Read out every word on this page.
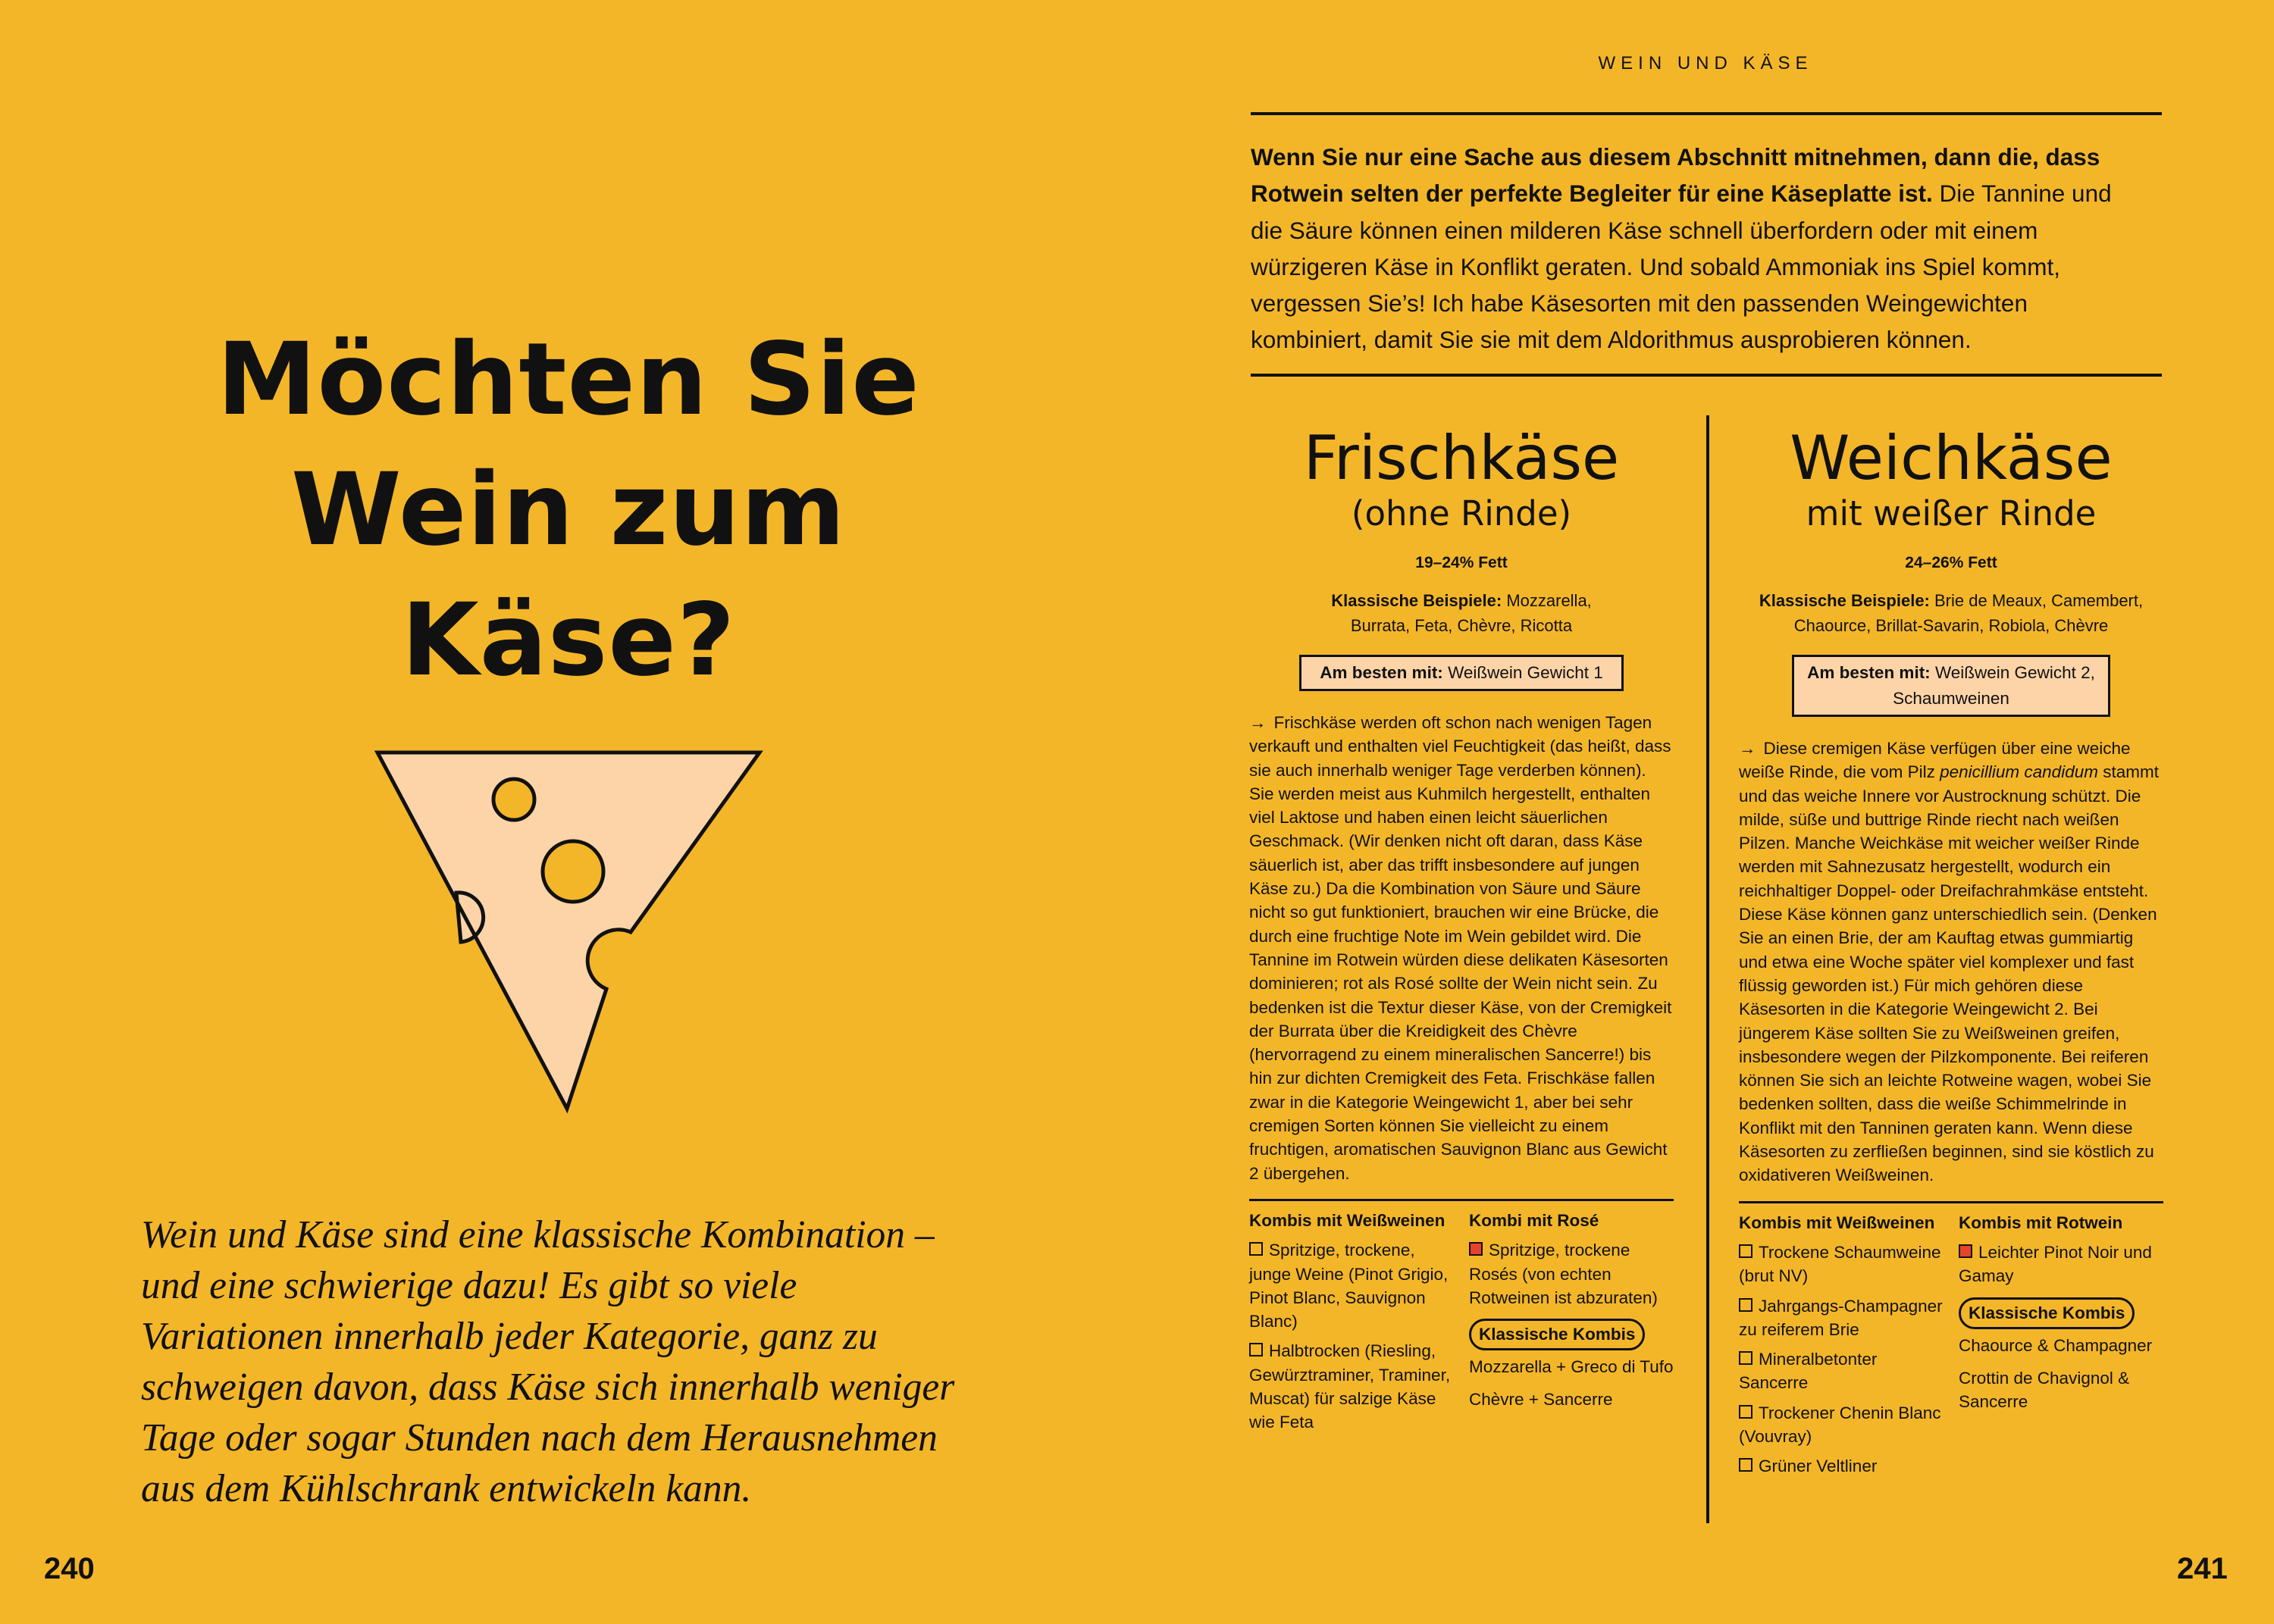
Möchten Sie
Wein zum
Käse?
Wein und Käse sind eine klassische Kombination –
und eine schwierige dazu! Es gibt so viele
Variationen innerhalb jeder Kategorie, ganz zu
schweigen davon, dass Käse sich innerhalb weniger
Tage oder sogar Stunden nach dem Herausnehmen
aus dem Kühlschrank entwickeln kann.
240
WEIN UND KÄSE
Wenn Sie nur eine Sache aus diesem Abschnitt mitnehmen, dann die, dass Rotwein selten der perfekte Begleiter für eine Käseplatte ist. Die Tannine und die Säure können einen milderen Käse schnell überfordern oder mit einem würzigeren Käse in Konflikt geraten. Und sobald Ammoniak ins Spiel kommt, vergessen Sie’s! Ich habe Käsesorten mit den passenden Weingewichten kombiniert, damit Sie sie mit dem Aldorithmus ausprobieren können.
Frischkäse
(ohne Rinde)
19–24% Fett
Klassische Beispiele: Mozzarella, Burrata, Feta, Chèvre, Ricotta
Am besten mit: Weißwein Gewicht 1
→ Frischkäse werden oft schon nach wenigen Tagen verkauft und enthalten viel Feuchtigkeit (das heißt, dass sie auch innerhalb weniger Tage verderben können). Sie werden meist aus Kuhmilch hergestellt, enthalten viel Laktose und haben einen leicht säuerlichen Geschmack. (Wir denken nicht oft daran, dass Käse säuerlich ist, aber das trifft insbesondere auf jungen Käse zu.) Da die Kombination von Säure und Säure nicht so gut funktioniert, brauchen wir eine Brücke, die durch eine fruchtige Note im Wein gebildet wird. Die Tannine im Rotwein würden diese delikaten Käsesorten dominieren; rot als Rosé sollte der Wein nicht sein. Zu bedenken ist die Textur dieser Käse, von der Cremigkeit der Burrata über die Kreidigkeit des Chèvre (hervorragend zu einem mineralischen Sancerre!) bis hin zur dichten Cremigkeit des Feta. Frischkäse fallen zwar in die Kategorie Weingewicht 1, aber bei sehr cremigen Sorten können Sie vielleicht zu einem fruchtigen, aromatischen Sauvignon Blanc aus Gewicht 2 übergehen.
Kombis mit Weißweinen
Spritzige, trockene, junge Weine (Pinot Grigio, Pinot Blanc, Sauvignon Blanc)
Halbtrocken (Riesling, Gewürztraminer, Traminer, Muscat) für salzige Käse wie Feta
Kombi mit Rosé
Spritzige, trockene Rosés (von echten Rotweinen ist abzuraten)
Klassische Kombis
Mozzarella + Greco di Tufo
Chèvre + Sancerre
Weichkäse
mit weißer Rinde
24–26% Fett
Klassische Beispiele: Brie de Meaux, Camembert, Chaource, Brillat-Savarin, Robiola, Chèvre
Am besten mit: Weißwein Gewicht 2, Schaumweinen
→ Diese cremigen Käse verfügen über eine weiche weiße Rinde, die vom Pilz penicillium candidum stammt und das weiche Innere vor Austrocknung schützt. Die milde, süße und buttrige Rinde riecht nach weißen Pilzen. Manche Weichkäse mit weicher weißer Rinde werden mit Sahnezusatz hergestellt, wodurch ein reichhaltiger Doppel- oder Dreifachrahmkäse entsteht. Diese Käse können ganz unterschiedlich sein. (Denken Sie an einen Brie, der am Kauftag etwas gummiartig und etwa eine Woche später viel komplexer und fast flüssig geworden ist.) Für mich gehören diese Käsesorten in die Kategorie Weingewicht 2. Bei jüngerem Käse sollten Sie zu Weißweinen greifen, insbesondere wegen der Pilzkomponente. Bei reiferen können Sie sich an leichte Rotweine wagen, wobei Sie bedenken sollten, dass die weiße Schimmelrinde in Konflikt mit den Tanninen geraten kann. Wenn diese Käsesorten zu zerfließen beginnen, sind sie köstlich zu oxidativeren Weißweinen.
Kombis mit Weißweinen
Trockene Schaumweine (brut NV)
Jahrgangs-Champagner zu reiferem Brie
Mineralbetonter Sancerre
Trockener Chenin Blanc (Vouvray)
Grüner Veltliner
Kombis mit Rotwein
Leichter Pinot Noir und Gamay
Klassische Kombis
Chaource & Champagner
Crottin de Chavignol & Sancerre
241
